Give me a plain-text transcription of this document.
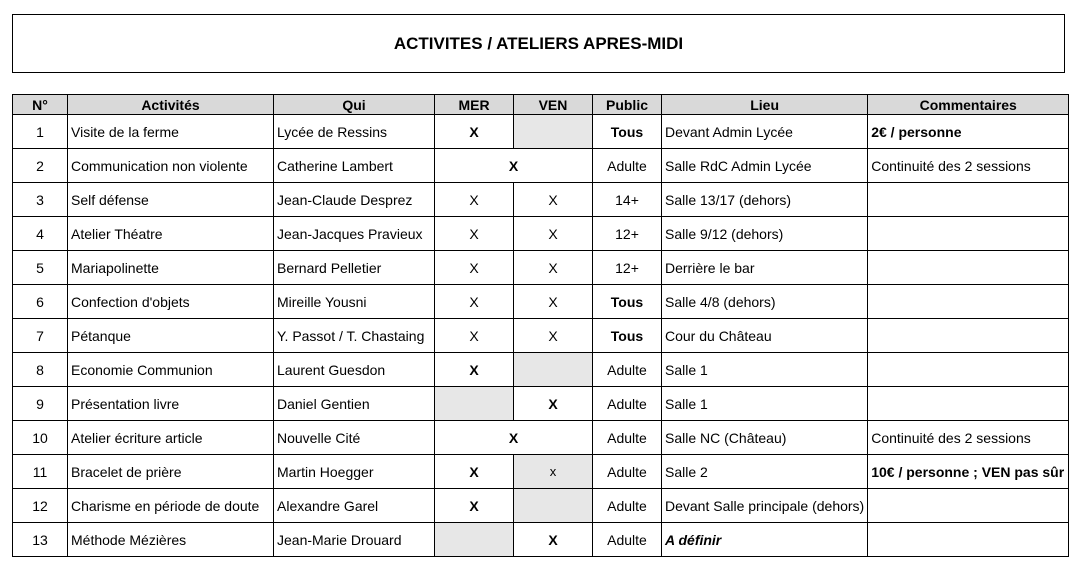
ACTIVITES / ATELIERS APRES-MIDI
N°	Activités	Qui	MER	VEN	Public	Lieu	Commentaires
1	Visite de la ferme	Lycée de Ressins	X		Tous	Devant Admin Lycée	2€ / personne
2	Communication non violente	Catherine Lambert	X		Adulte	Salle RdC Admin Lycée	Continuité des 2 sessions
3	Self défense	Jean-Claude Desprez	X	X	14+	Salle 13/17 (dehors)	
4	Atelier Théatre	Jean-Jacques Pravieux	X	X	12+	Salle 9/12 (dehors)	
5	Mariapolinette	Bernard Pelletier	X	X	12+	Derrière le bar	
6	Confection d'objets	Mireille Yousni	X	X	Tous	Salle 4/8 (dehors)	
7	Pétanque	Y. Passot / T. Chastaing	X	X	Tous	Cour du Château	
8	Economie Communion	Laurent Guesdon	X		Adulte	Salle 1	
9	Présentation livre	Daniel Gentien		X	Adulte	Salle 1	
10	Atelier écriture article	Nouvelle Cité	X		Adulte	Salle NC (Château)	Continuité des 2 sessions
11	Bracelet de prière	Martin Hoegger	X	x	Adulte	Salle 2	10€ / personne ; VEN pas sûr
12	Charisme en période de doute	Alexandre Garel	X		Adulte	Devant Salle principale (dehors)	
13	Méthode Mézières	Jean-Marie Drouard		X	Adulte	A définir	
